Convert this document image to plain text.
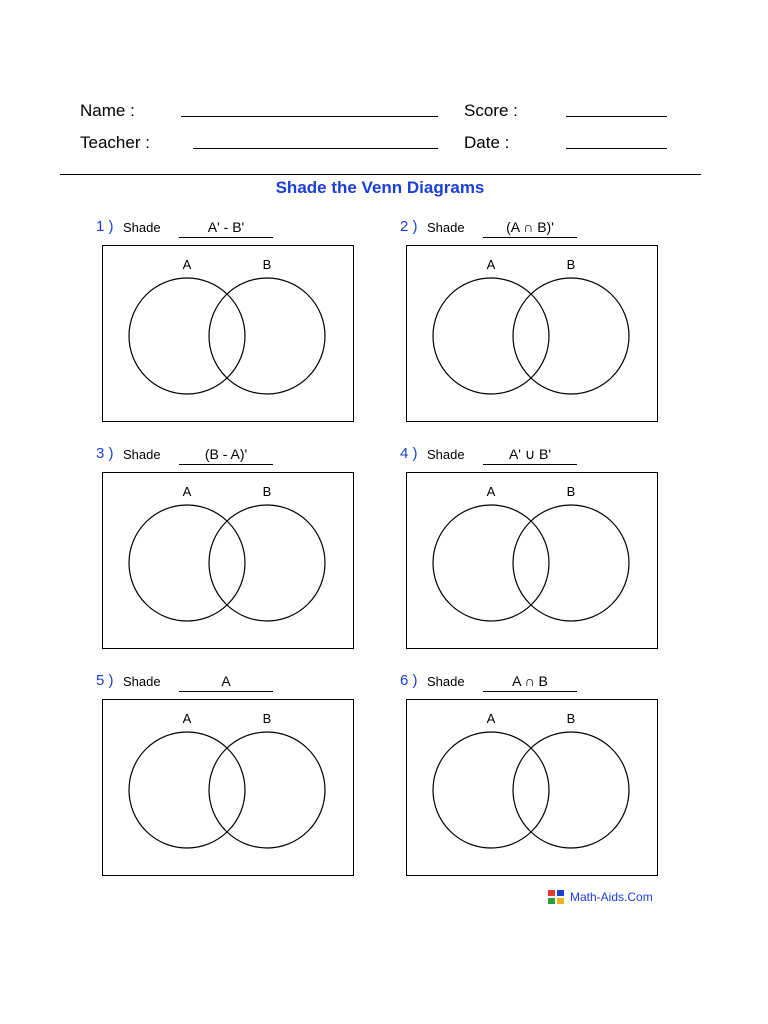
Name :	Score :
Teacher :	Date :
Shade the Venn Diagrams
1 ) Shade	A' - B'
A	B
2 ) Shade	(A ∩ B)'
A	B
3 ) Shade	(B - A)'
A	B
4 ) Shade	A' ∪ B'
A	B
5 ) Shade	A
A	B
6 ) Shade	A ∩ B
A	B
Math-Aids.Com
